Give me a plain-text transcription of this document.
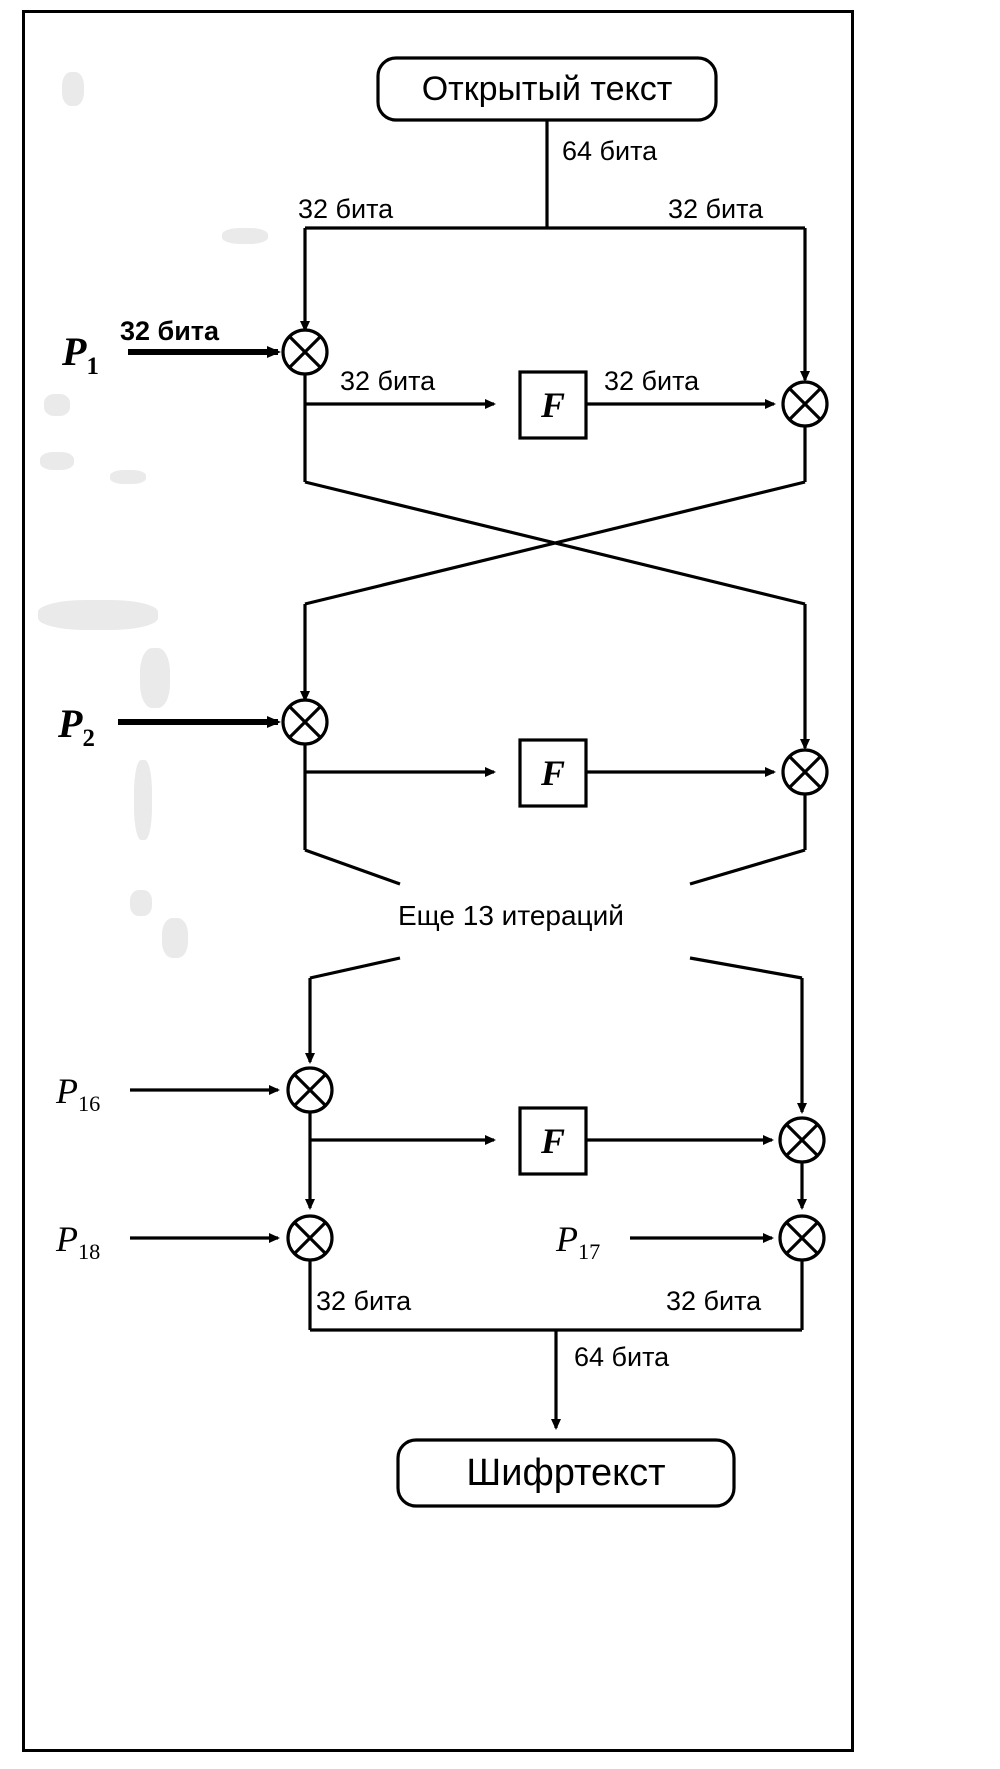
Открытый текст
Шифртекст
64 бита
32 бита	32 бита
32 бита
32 бита	32 бита
Еще 13 итераций
32 бита	32 бита
64 бита
F
F
F
$P_1$
$P_2$
$P_{16}$
$P_{18}$	$P_{17}$
